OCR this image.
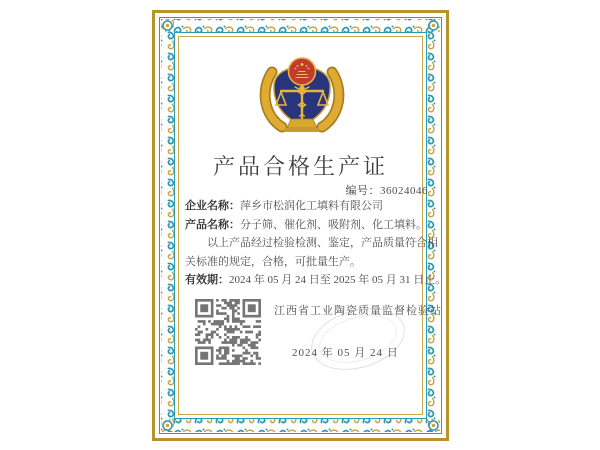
产品合格生产证
编号：36024046
企业名称：萍乡市松润化工填料有限公司
产品名称：分子筛、催化剂、吸附剂、化工填料。
以上产品经过检验检测、鉴定，产品质量符合相
关标准的规定，合格，可批量生产。
有效期：2024 年 05 月 24 日至 2025 年 05 月 31 日止。
江西省工业陶瓷质量监督检验站
2024 年 05 月 24 日
